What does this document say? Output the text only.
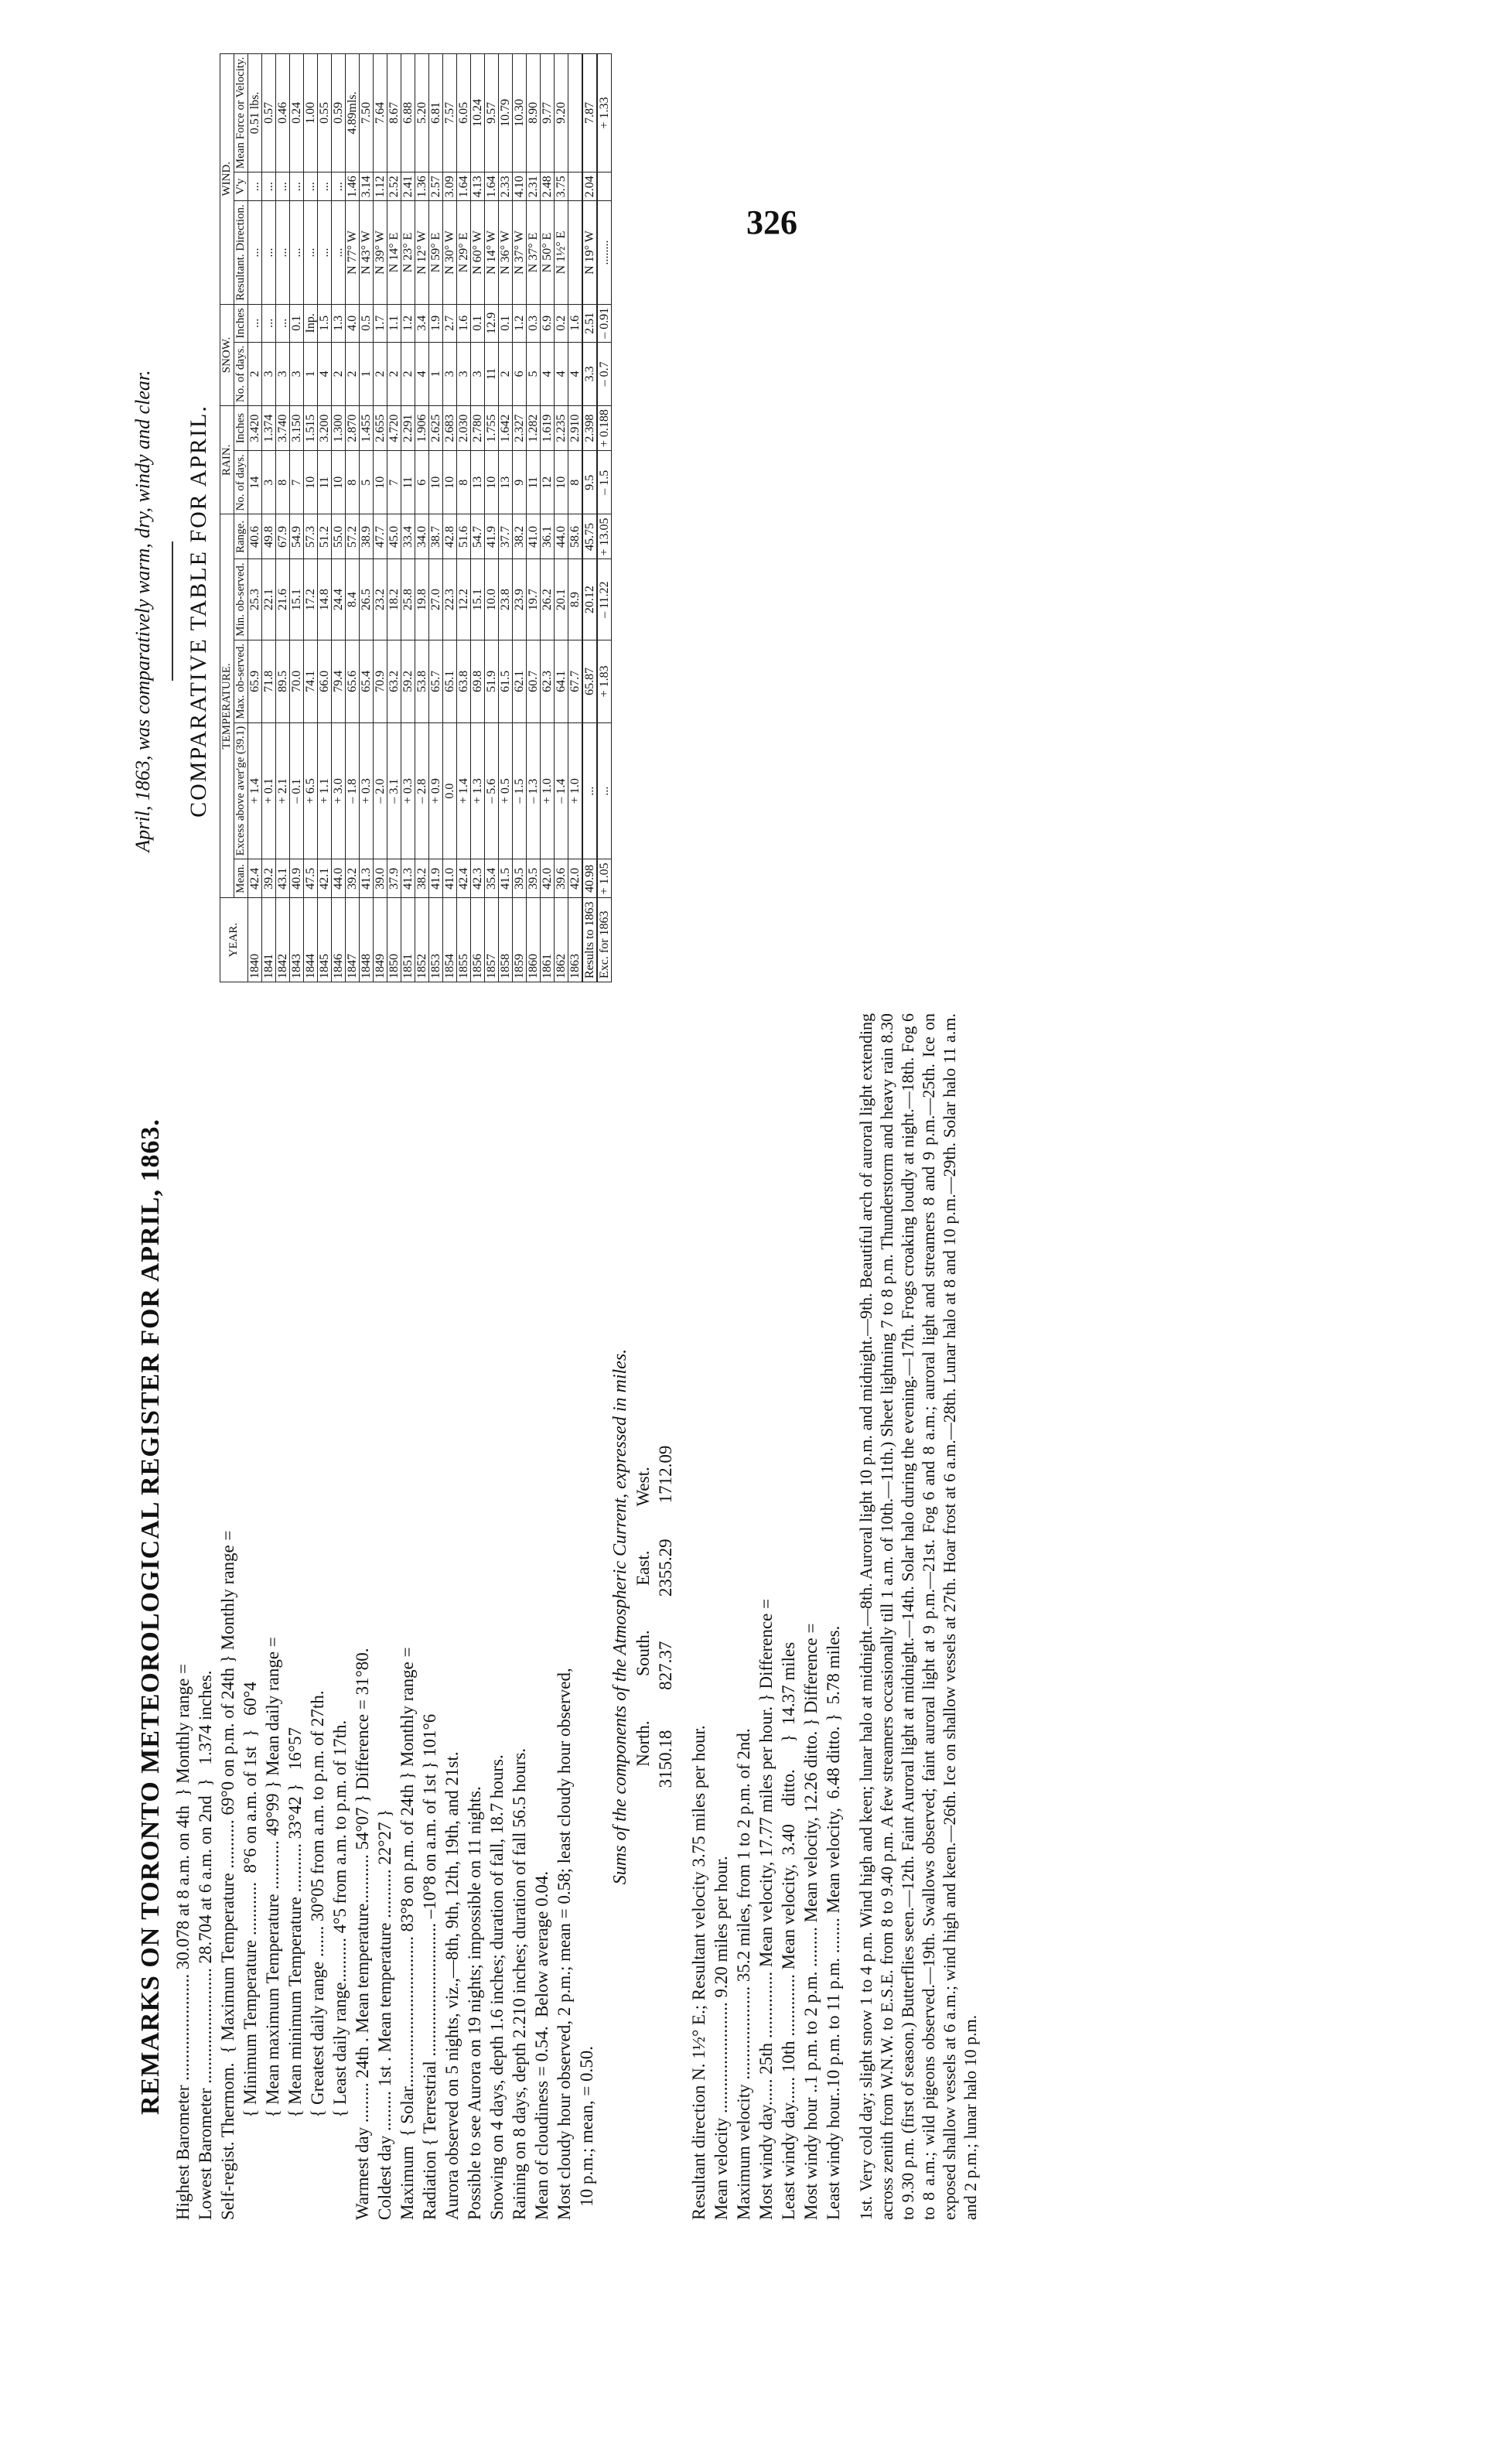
326
REMARKS ON TORONTO METEOROLOGICAL REGISTER FOR APRIL, 1863. Highest Barometer ........................ 30.078 at 8 a.m. on 4th  } Monthly range = Lowest Barometer .......................... 28.704 at 6 a.m. on 2nd  }   1.374 inches. Self-regist. Thermom.  { Maximum Temperature ........... 69°0 on p.m. of 24th } Monthly range = { Minimum Temperature ............  8°6 on a.m. of 1st  }   60°4 { Mean maximum Temperature ........... 49°99 } Mean daily range = { Mean minimum Temperature ........... 33°42 }   16°57 { Greatest daily range ....... 30°05 from a.m. to p.m. of 27th. { Least daily range.......... 4°5 from a.m. to p.m. of 17th. Warmest day ......... 24th . Mean temperature........... 54°07 } Difference = 31°80. Coldest day ......... 1st . Mean temperature ........... 22°27 } Maximum  { Solar.................................. 83°8 on p.m. of 24th } Monthly range = Radiation { Terrestrial .............................. –10°8 on a.m. of 1st } 101°6 Aurora observed on 5 nights, viz.,—8th, 9th, 12th, 19th, and 21st. Possible to see Aurora on 19 nights; impossible on 11 nights. Snowing on 4 days, depth 1.6 inches; duration of fall, 18.7 hours. Raining on 8 days, depth 2.210 inches; duration of fall 56.5 hours. Mean of cloudiness = 0.54.  Below average 0.04. Most cloudy hour observed, 2 p.m.; mean = 0.58; least cloudy hour observed, 10 p.m.; mean, = 0.50.
Sums of the components of the Atmospheric Current, expressed in miles. North.          South.          East.          West. 3150.18         827.37          2355.29        1712.09
Resultant direction N. 1½° E.; Resultant velocity 3.75 miles per hour. Mean velocity ......................... 9.20 miles per hour. Maximum velocity ..................... 35.2 miles, from 1 to 2 p.m. of 2nd. Most windy day...... 25th ............... Mean velocity, 17.77 miles per hour. } Difference = Least windy day...... 10th .............. Mean velocity,  3.40    ditto.      }  14.37 miles Most windy hour ..1 p.m. to 2 p.m. ......... Mean velocity, 12.26 ditto. } Difference = Least windy hour..10 p.m. to 11 p.m. ........ Mean velocity,  6.48 ditto. }  5.78 miles. 1st. Very cold day; slight snow 1 to 4 p.m. Wind high and keen; lunar halo at midnight.—8th. Auroral light 10 p.m. and midnight.—9th. Beautiful arch of auroral light extending across zenith from W.N.W. to E.S.E. from 8 to 9.40 p.m. A few streamers occasionally till 1 a.m. of 10th.—11th.) Sheet lightning 7 to 8 p.m. Thunderstorm and heavy rain 8.30 to 9.30 p.m. (first of season.) Butterflies seen.—12th. Faint Auroral light at midnight.—14th. Solar halo during the evening.—17th. Frogs croaking loudly at night.—18th. Fog 6 to 8 a.m.; wild pigeons observed.—19th. Swallows observed; faint auroral light at 9 p.m.—21st. Fog 6 and 8 a.m.; auroral light and streamers 8 and 9 p.m.—25th. Ice on exposed shallow vessels at 6 a.m.; wind high and keen.—26th. Ice on shallow vessels at 27th. Hoar frost at 6 a.m.—28th. Lunar halo at 8 and 10 p.m.—29th. Solar halo 11 a.m. and 2 p.m.; lunar halo 10 p.m.
April, 1863, was comparatively warm, dry, windy and clear. COMPARATIVE TABLE FOR APRIL.
YEAR.	TEMPERATURE.					RAIN.		SNOW.		WIND.		
	Mean.	Excess above aver'ge (39.1)	Max. ob-served.	Min. ob-served.	Range.	No. of days.	Inches	No. of days.	Inches	Resultant. Direction.	V'y	Mean Force or Velocity.
1840	42.4	+ 1.4	65.9	25.3	40.6	14	3.420	2	...	...	...	0.51 lbs.
1841	39.2	+ 0.1	71.8	22.1	49.8	3	1.374	3	...	...	...	0.57
1842	43.1	+ 2.1	89.5	21.6	67.9	8	3.740	3	...	...	...	0.46
1843	40.9	– 0.1	70.0	15.1	54.9	7	3.150	3	0.1	...	...	0.24
1844	47.5	+ 6.5	74.1	17.2	57.3	10	1.515	1	Inp.	...	...	1.00
1845	42.1	+ 1.1	66.0	14.8	51.2	11	3.200	4	1.5	...	...	0.55
1846	44.0	+ 3.0	79.4	24.4	55.0	10	1.300	2	1.3	...	...	0.59
1847	39.2	– 1.8	65.6	8.4	57.2	8	2.870	2	4.0	N 77° W	1.46	4.89mls.
1848	41.3	+ 0.3	65.4	26.5	38.9	5	1.455	1	0.5	N 43° W	3.14	7.50
1849	39.0	– 2.0	70.9	23.2	47.7	10	2.655	2	1.7	N 39° W	1.12	7.64
1850	37.9	– 3.1	63.2	18.2	45.0	7	4.720	2	1.1	N 14° E	2.52	8.67
1851	41.3	+ 0.3	59.2	25.8	33.4	11	2.291	2	1.2	N 23° E	2.41	6.88
1852	38.2	– 2.8	53.8	19.8	34.0	6	1.906	4	3.4	N 12° W	1.36	5.20
1853	41.9	+ 0.9	65.7	27.0	38.7	10	2.625	1	1.9	N 59° E	2.57	6.81
1854	41.0	0.0	65.1	22.3	42.8	10	2.683	3	2.7	N 30° W	3.09	7.57
1855	42.4	+ 1.4	63.8	12.2	51.6	8	2.030	3	1.6	N 29° E	1.64	6.05
1856	42.3	+ 1.3	69.8	15.1	54.7	13	2.780	3	0.1	N 60° W	4.13	10.24
1857	35.4	– 5.6	51.9	10.0	41.9	10	1.755	11	12.9	N 14° W	1.64	9.57
1858	41.5	+ 0.5	61.5	23.8	37.7	13	1.642	2	0.1	N 36° W	2.33	10.79
1859	39.5	– 1.5	62.1	23.9	38.2	9	2.327	6	1.2	N 37° W	4.10	10.30
1860	39.5	– 1.3	60.7	19.7	41.0	11	1.282	5	0.3	N 37° E	2.31	8.90
1861	42.0	+ 1.0	62.3	26.2	36.1	12	1.619	4	6.9	N 50° E	2.48	9.77
1862	39.6	– 1.4	64.1	20.1	44.0	10	2.235	4	0.2	N 1½° E	3.75	9.20
1863	42.0	+ 1.0	67.7	8.9	58.6	8	2.910	4	1.6			
Results to 1863	40.98	...	65.87	20.12	45.75	9.5	2.398	3.3	2.51	N 19° W	2.04	7.87
Exc. for 1863	+ 1.05	...	+ 1.83	– 11.22	+ 13.05	– 1.5	+ 0.188	– 0.7	– 0.91	........		+ 1.33
